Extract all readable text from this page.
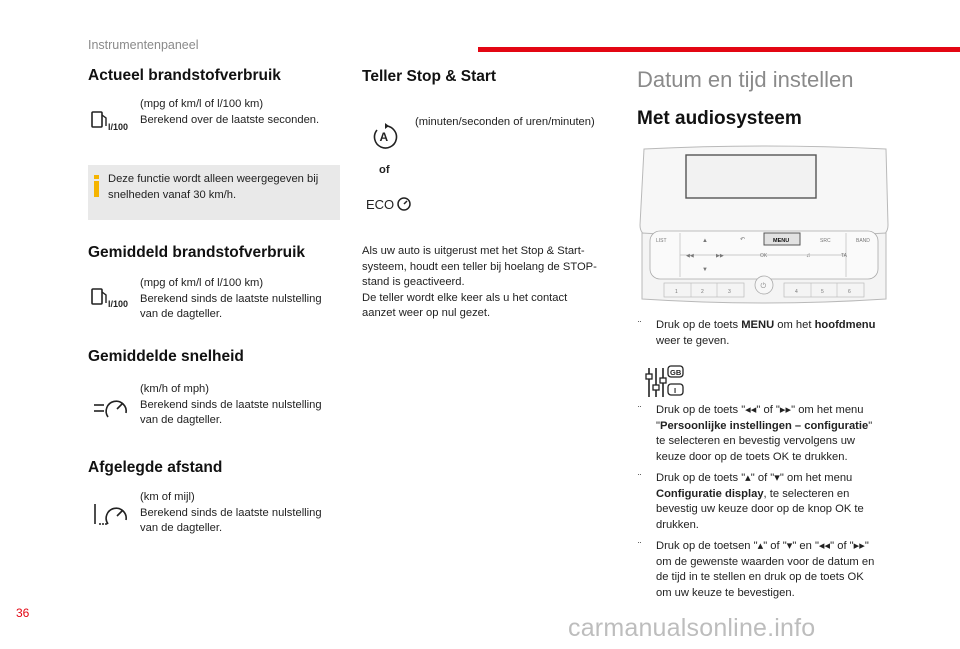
Instrumentenpaneel
Actueel brandstofverbruik
l/100
(mpg of km/l of l/100 km)
Berekend over de laatste seconden.
Deze functie wordt alleen weergegeven bij snelheden vanaf 30 km/h.
Gemiddeld brandstofverbruik
l/100
(mpg of km/l of l/100 km)
Berekend sinds de laatste nulstelling
van de dagteller.
Gemiddelde snelheid
(km/h of mph)
Berekend sinds de laatste nulstelling
van de dagteller.
Afgelegde afstand
(km of mijl)
Berekend sinds de laatste nulstelling
van de dagteller.
Teller Stop & Start
(minuten/seconden of uren/minuten)
A
of
ECO
Als uw auto is uitgerust met het Stop & Start-
systeem, houdt een teller bij hoelang de STOP-
stand is geactiveerd.
De teller wordt elke keer als u het contact
aanzet weer op nul gezet.
Datum en tijd instellen
Met audiosysteem
LIST	▲	↶	MENU	SRC	BAND
◀◀	▶▶	OK	♫	TA
▼
⏻
1	2	3	4	5	6
¨ Druk op de toets MENU om het hoofdmenu
weer te geven.
GB
I
¨ Druk op de toets "◂◂" of "▸▸" om het menu
"Persoonlijke instellingen – configuratie"
te selecteren en bevestig vervolgens uw
keuze door op de toets OK te drukken.
¨ Druk op de toets "▴" of "▾" om het menu
Configuratie display, te selecteren en
bevestig uw keuze door op de knop OK te
drukken.
¨ Druk op de toetsen "▴" of "▾" en "◂◂" of "▸▸"
om de gewenste waarden voor de datum en
de tijd in te stellen en druk op de toets OK
om uw keuze te bevestigen.
36
carmanualsonline.info
